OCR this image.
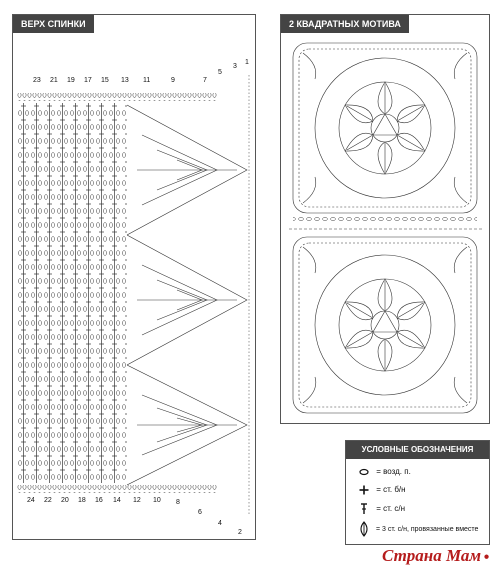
ВЕРХ СПИНКИ
23 21 19 17 15 13 11	9	7
5
3
1
24 22 20 18 16 14 12 10 8
6
4
2
2 КВАДРАТНЫХ МОТИВА
УСЛОВНЫЕ ОБОЗНАЧЕНИЯ
= возд. п.
= ст. б/н
= ст. с/н
= 3 ст. с/н, провязанные вместе
Страна Мам ●
